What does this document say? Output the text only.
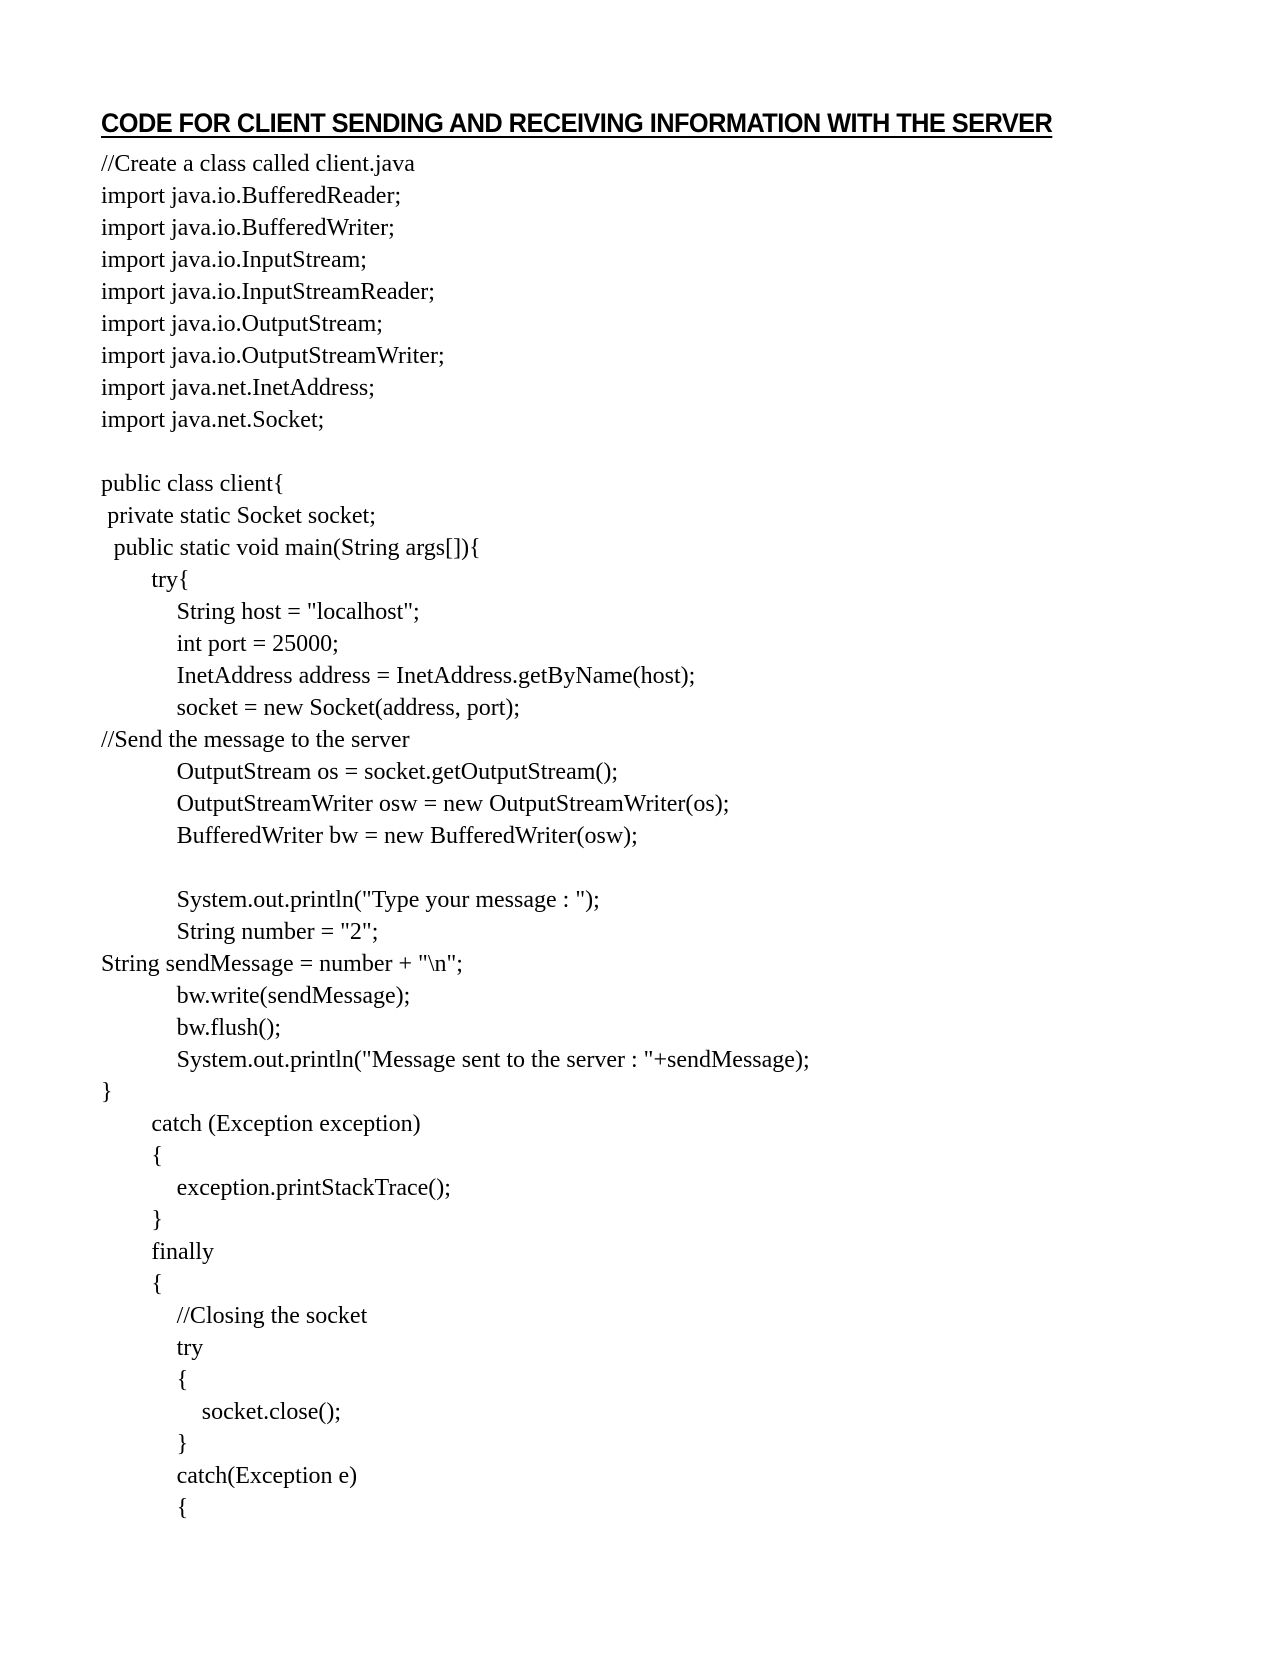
CODE FOR CLIENT SENDING AND RECEIVING INFORMATION WITH THE SERVER
//Create a class called client.java
import java.io.BufferedReader;
import java.io.BufferedWriter;
import java.io.InputStream;
import java.io.InputStreamReader;
import java.io.OutputStream;
import java.io.OutputStreamWriter;
import java.net.InetAddress;
import java.net.Socket;
public class client{
private static Socket socket;
public static void main(String args[]){
try{
String host = "localhost";
int port = 25000;
InetAddress address = InetAddress.getByName(host);
socket = new Socket(address, port);
//Send the message to the server
OutputStream os = socket.getOutputStream();
OutputStreamWriter osw = new OutputStreamWriter(os);
BufferedWriter bw = new BufferedWriter(osw);
System.out.println("Type your message : ");
String number = "2";
String sendMessage = number + "\n";
bw.write(sendMessage);
bw.flush();
System.out.println("Message sent to the server : "+sendMessage);
}
catch (Exception exception)
{
exception.printStackTrace();
}
finally
{
//Closing the socket
try
{
socket.close();
}
catch(Exception e)
{
